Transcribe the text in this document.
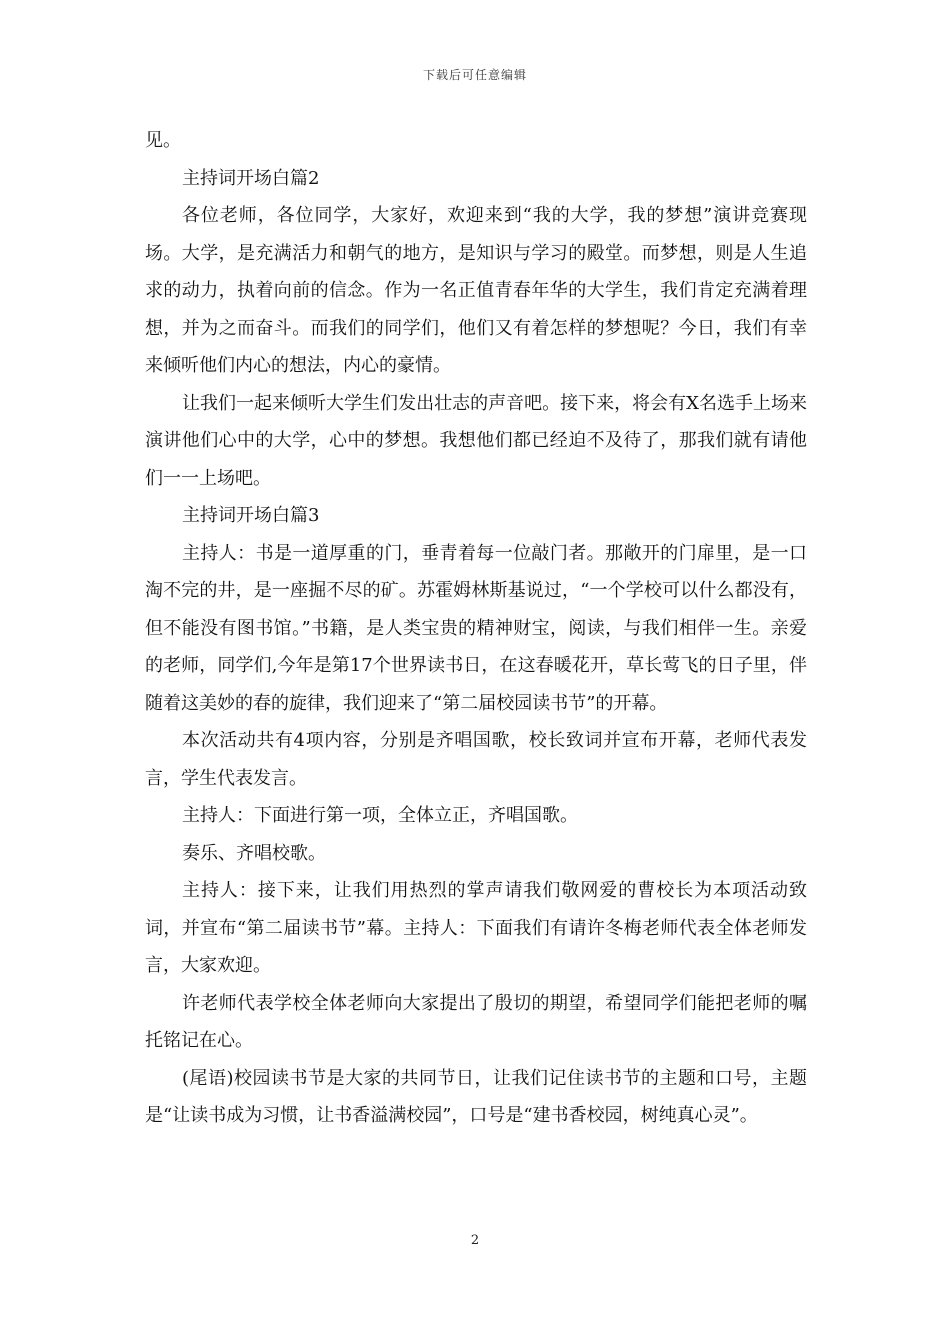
下载后可任意编辑

见。

主持词开场白篇2

各位老师，各位同学，大家好，欢迎来到“我的大学，我的梦想”演讲竞赛现场。大学，是充满活力和朝气的地方，是知识与学习的殿堂。而梦想，则是人生追求的动力，执着向前的信念。作为一名正值青春年华的大学生，我们肯定充满着理想，并为之而奋斗。而我们的同学们，他们又有着怎样的梦想呢？今日，我们有幸来倾听他们内心的想法，内心的豪情。

让我们一起来倾听大学生们发出壮志的声音吧。接下来，将会有X名选手上场来演讲他们心中的大学，心中的梦想。我想他们都已经迫不及待了，那我们就有请他们一一上场吧。

主持词开场白篇3

主持人：书是一道厚重的门，垂青着每一位敲门者。那敞开的门扉里，是一口淘不完的井，是一座掘不尽的矿。苏霍姆林斯基说过，“一个学校可以什么都没有，但不能没有图书馆。”书籍，是人类宝贵的精神财宝，阅读，与我们相伴一生。亲爱的老师，同学们,今年是第17个世界读书日，在这春暖花开，草长莺飞的日子里，伴随着这美妙的春的旋律，我们迎来了“第二届校园读书节”的开幕。

本次活动共有4项内容，分别是齐唱国歌，校长致词并宣布开幕，老师代表发言，学生代表发言。

主持人：下面进行第一项，全体立正，齐唱国歌。

奏乐、齐唱校歌。

主持人：接下来，让我们用热烈的掌声请我们敬网爱的曹校长为本项活动致词，并宣布“第二届读书节”幕。主持人：下面我们有请许冬梅老师代表全体老师发言，大家欢迎。

许老师代表学校全体老师向大家提出了殷切的期望，希望同学们能把老师的嘱托铭记在心。

(尾语)校园读书节是大家的共同节日，让我们记住读书节的主题和口号，主题是“让读书成为习惯，让书香溢满校园”，口号是“建书香校园，树纯真心灵”。

2
